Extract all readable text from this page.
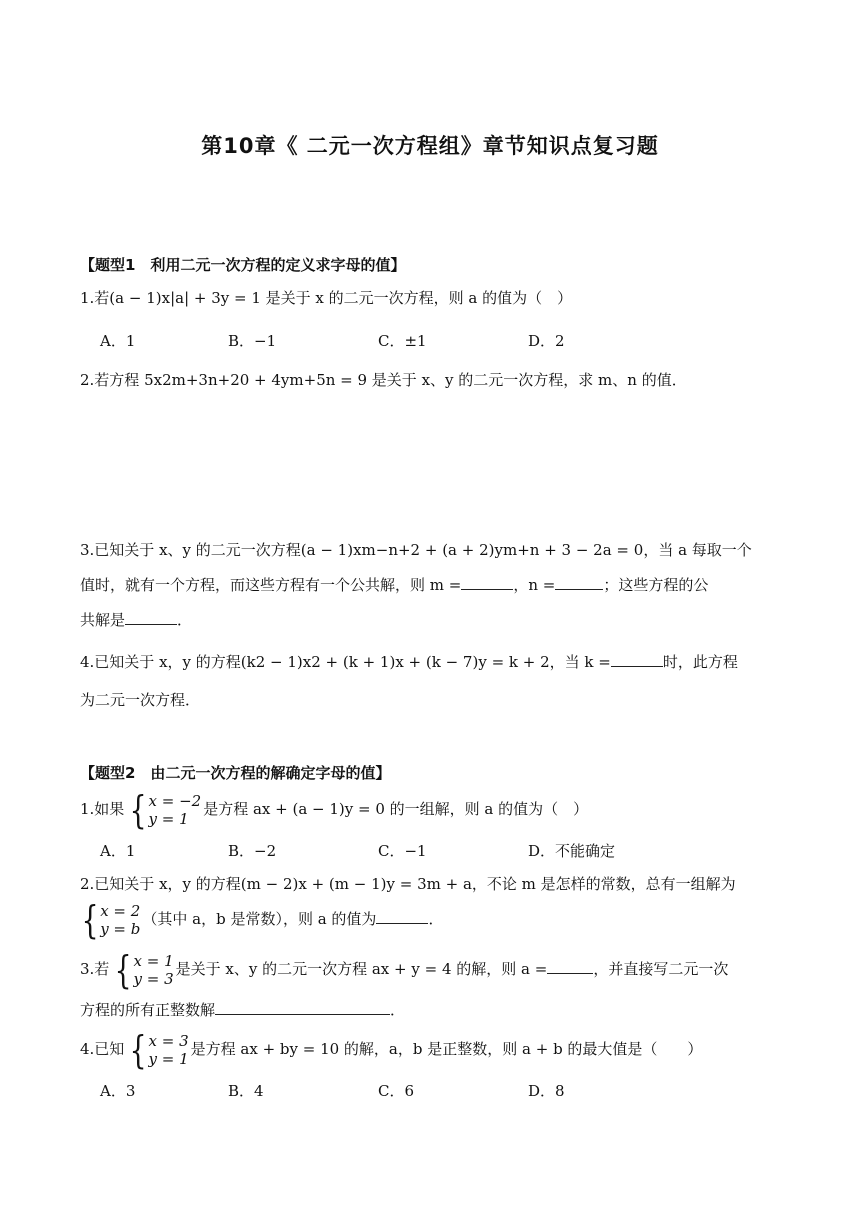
第10章《 二元一次方程组》章节知识点复习题
【题型1　利用二元一次方程的定义求字母的值】
1.若(a − 1)x|a| + 3y = 1 是关于 x 的二元一次方程，则 a 的值为（　）
A．1	B．−1	C．±1	D．2
2.若方程 5x2m+3n+20 + 4ym+5n = 9 是关于 x、y 的二元一次方程，求 m、n 的值．
3.已知关于 x、y 的二元一次方程(a − 1)xm−n+2 + (a + 2)ym+n + 3 − 2a = 0，当 a 每取一个
值时，就有一个方程，而这些方程有一个公共解，则 m =	，n =	；这些方程的公
共解是	．
4.已知关于 x，y 的方程(k2 − 1)x2 + (k + 1)x + (k − 7)y = k + 2，当 k =	时，此方程
为二元一次方程．
【题型2　由二元一次方程的解确定字母的值】
1.如果 { x = −2
y = 1
是方程 ax + (a − 1)y = 0 的一组解，则 a 的值为（　）
A．1	B．−2	C．−1	D．不能确定
2.已知关于 x，y 的方程(m − 2)x + (m − 1)y = 3m + a，不论 m 是怎样的常数，总有一组解为
{ x = 2
y = b
（其中 a，b 是常数），则 a 的值为	．
3.若 { x = 1
y = 3
是关于 x、y 的二元一次方程 ax + y = 4 的解，则 a =	，并直接写二元一次
方程的所有正整数解	．
4.已知 { x = 3
y = 1
是方程 ax + by = 10 的解，a，b 是正整数，则 a + b 的最大值是（　　）
A．3	B．4	C．6	D．8
